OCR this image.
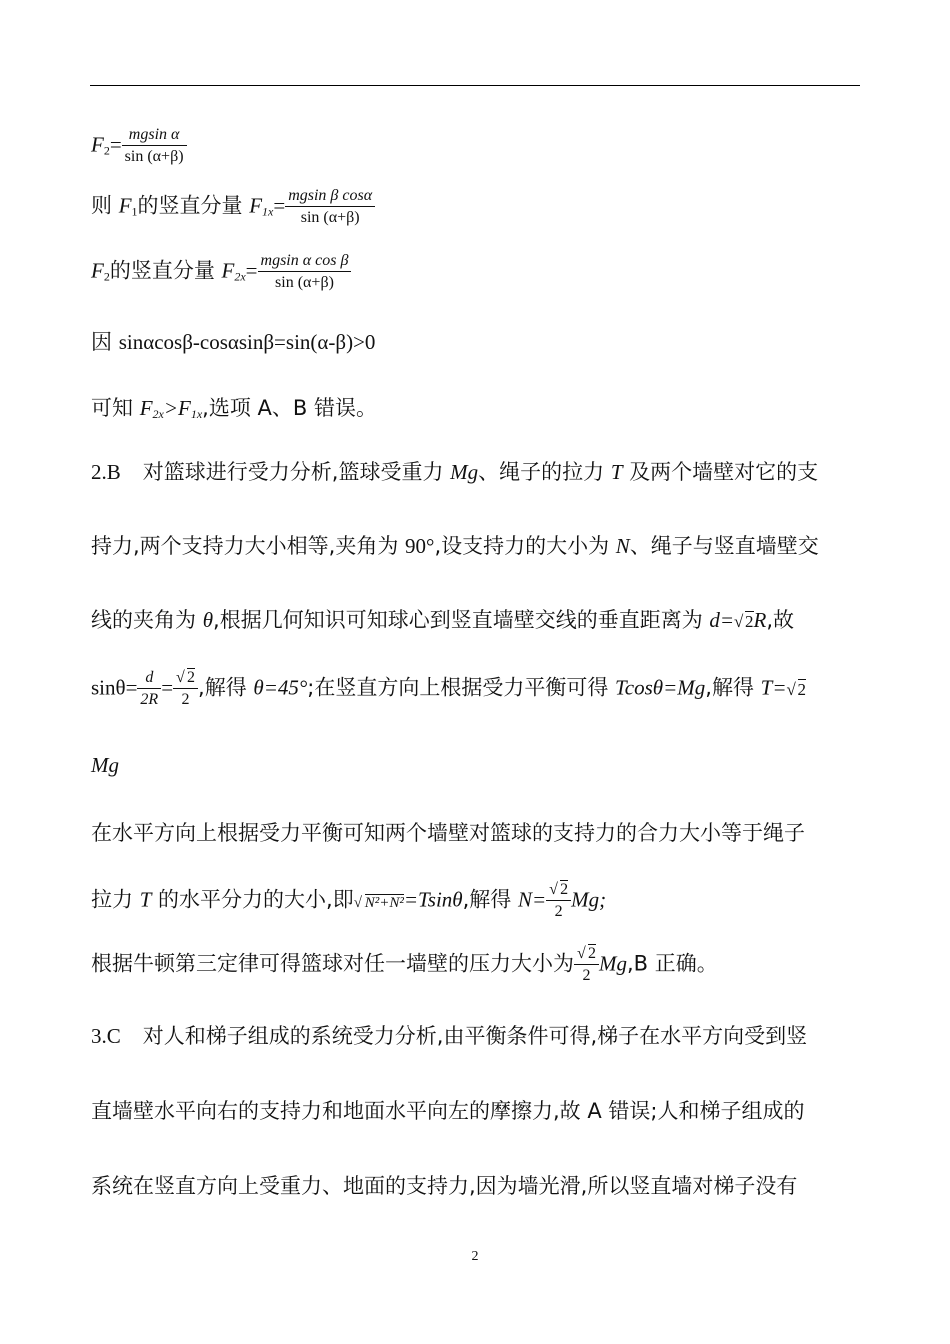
$F_2= \frac{\text{mgsin α}}{\sin (\alpha+\beta)}$
则 $F_1$的竖直分量 $F_{1x}= \frac{\text{mgsin β cosα}}{\sin (\alpha+\beta)}$
$F_2$的竖直分量 $F_{2x}= \frac{\text{mgsin α cos β}}{\sin (\alpha+\beta)}$
因 sinαcosβ-cosαsinβ=sin(α-β)>0
可知 $F_{2x}>F_{1x}$,选项 A、B 错误。
2.B 对篮球进行受力分析,篮球受重力 Mg、绳子的拉力 T 及两个墙壁对它的支
持力,两个支持力大小相等,夹角为 90°,设支持力的大小为 N、绳子与竖直墙壁交
线的夹角为 θ,根据几何知识可知球心到竖直墙壁交线的垂直距离为 d= √ 2R,故
$\sin\theta= \frac{d}{2R}$ = √ $\frac{2}{2}$ ,解得 θ=45°;在竖直方向上根据受力平衡可得 Tcosθ=Mg,解得 T= √ 2
Mg
在水平方向上根据受力平衡可知两个墙壁对篮球的支持力的合力大小等于绳子
拉力 T 的水平分力的大小,即 √ N²+N²=Tsinθ,解得 N= √ $\frac{2}{2} Mg$;
根据牛顿第三定律可得篮球对任一墙壁的压力大小为 √ $\frac{2}{2} Mg,B$ 正确。
3.C 对人和梯子组成的系统受力分析,由平衡条件可得,梯子在水平方向受到竖
直墙壁水平向右的支持力和地面水平向左的摩擦力,故 A 错误;人和梯子组成的
系统在竖直方向上受重力、地面的支持力,因为墙光滑,所以竖直墙对梯子没有
2
